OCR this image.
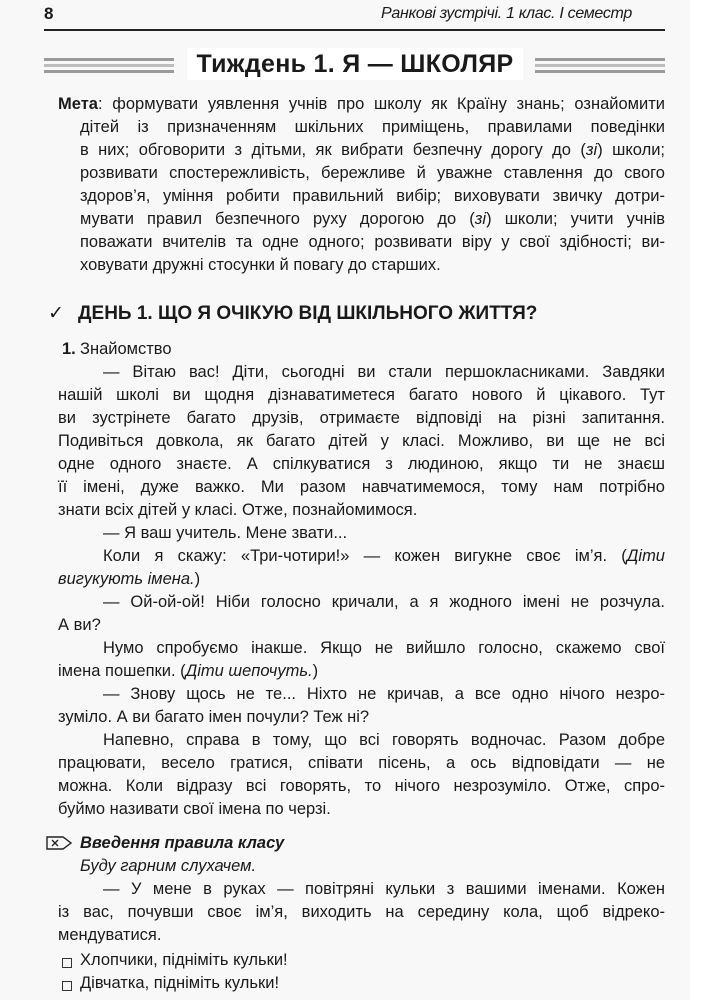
8	Ранкові зустрічі. 1 клас. І семестр
Тиждень 1. Я — ШКОЛЯР
Мета: формувати уявлення учнів про школу як Країну знань; ознайомити
дітей із призначенням шкільних приміщень, правилами поведінки
в них; обговорити з дітьми, як вибрати безпечну дорогу до (зі) школи;
розвивати спостережливість, бережливе й уважне ставлення до свого
здоров’я, уміння робити правильний вибір; виховувати звичку дотри-
мувати правил безпечного руху дорогою до (зі) школи; учити учнів
поважати вчителів та одне одного; розвивати віру у свої здібності; ви-
ховувати дружні стосунки й повагу до старших.
— Вітаю вас! Діти, сьогодні ви стали першокласниками. Завдяки
нашій школі ви щодня дізнаватиметеся багато нового й цікавого. Тут
ви зустрінете багато друзів, отримаєте відповіді на різні запитання.
Подивіться довкола, як багато дітей у класі. Можливо, ви ще не всі
одне одного знаєте. А спілкуватися з людиною, якщо ти не знаєш
її імені, дуже важко. Ми разом навчатимемося, тому нам потрібно
знати всіх дітей у класі. Отже, познайомимося.
— Я ваш учитель. Мене звати...
Коли я скажу: «Три-чотири!» — кожен вигукне своє ім’я. (Діти
вигукують імена.)
— Ой-ой-ой! Ніби голосно кричали, а я жодного імені не розчула.
А ви?
Нумо спробуємо інакше. Якщо не вийшло голосно, скажемо свої
імена пошепки. (Діти шепочуть.)
— Знову щось не те... Ніхто не кричав, а все одно нічого незро-
зуміло. А ви багато імен почули? Теж ні?
Напевно, справа в тому, що всі говорять водночас. Разом добре
працювати, весело гратися, співати пісень, а ось відповідати — не
можна. Коли відразу всі говорять, то нічого незрозуміло. Отже, спро-
буймо називати свої імена по черзі.
— У мене в руках — повітряні кульки з вашими іменами. Кожен
із вас, почувши своє ім’я, виходить на середину кола, щоб відреко-
мендуватися.
✓ ДЕНЬ 1. ЩО Я ОЧІКУЮ ВІД ШКІЛЬНОГО ЖИТТЯ?
1. Знайомство
Введення правила класу
Буду гарним слухачем.
Хлопчики, підніміть кульки!
Дівчатка, підніміть кульки!
